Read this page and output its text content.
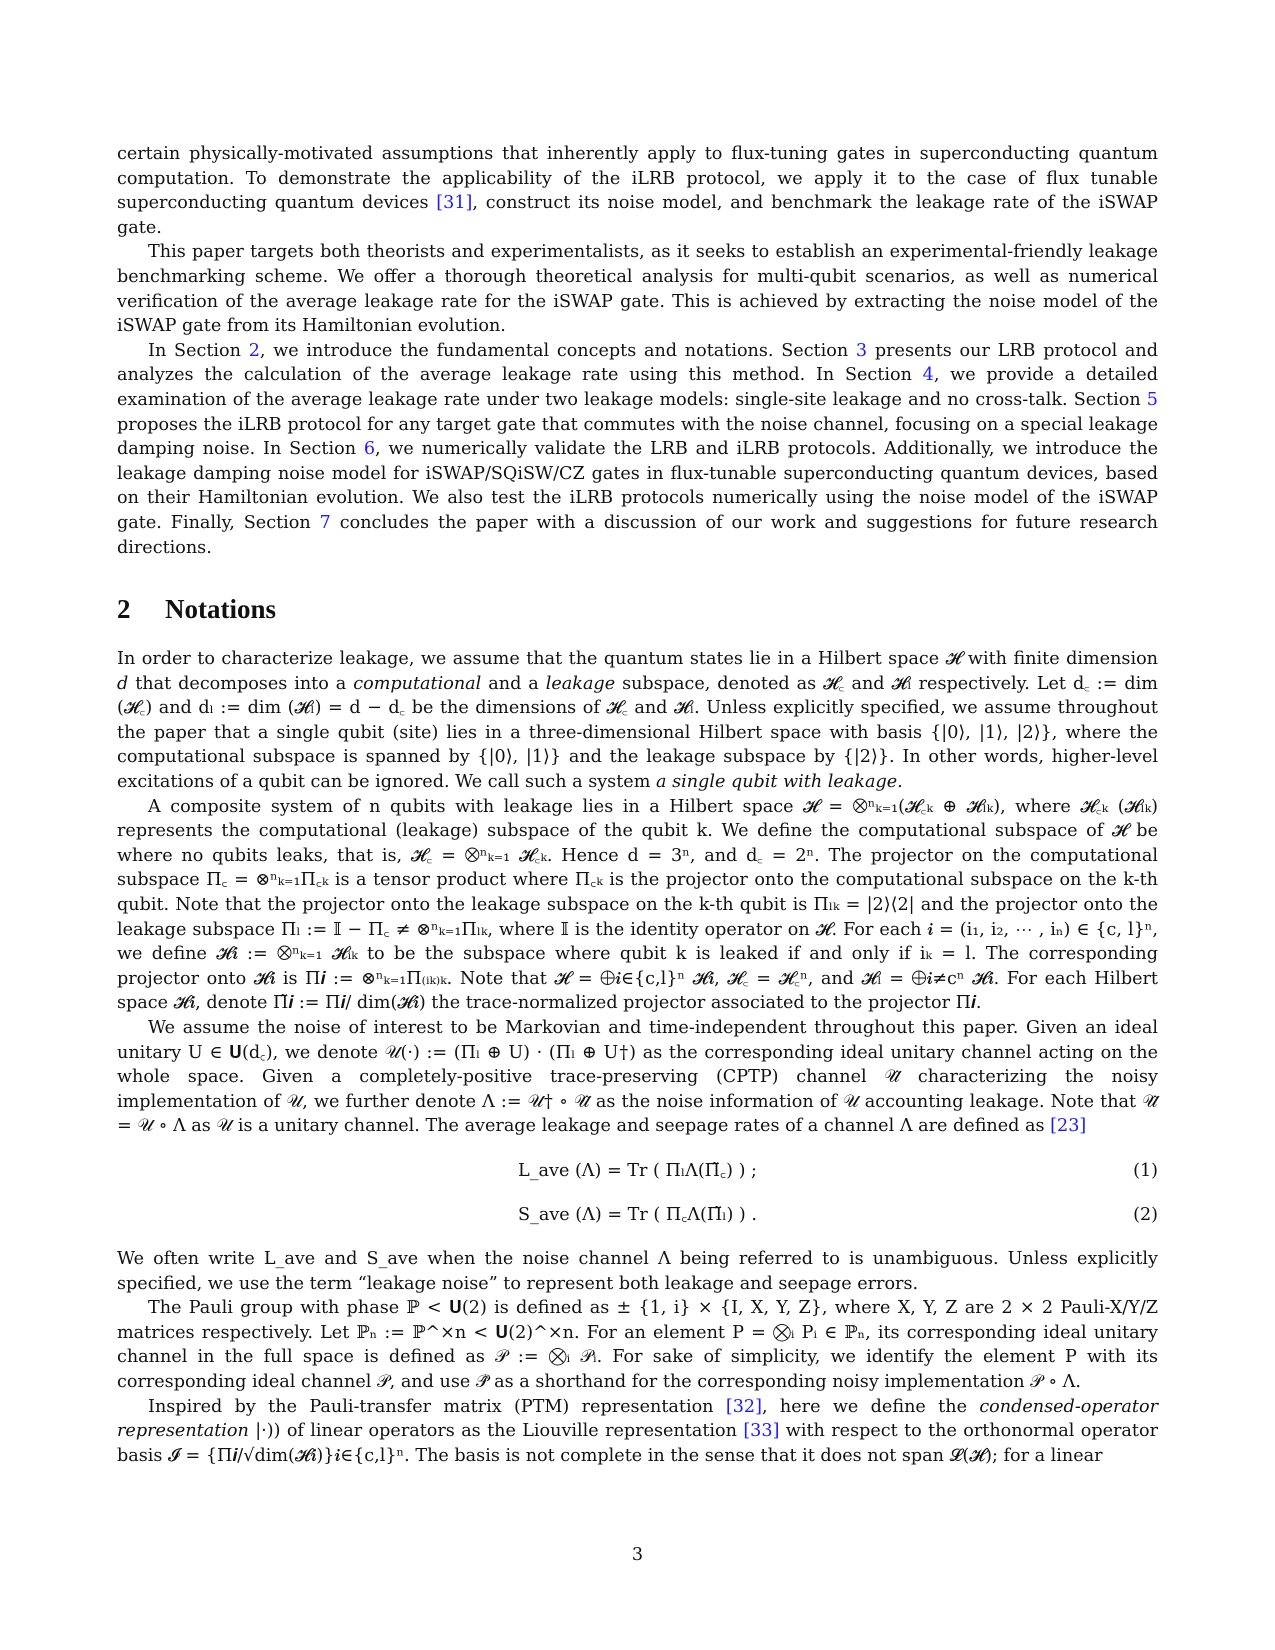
certain physically-motivated assumptions that inherently apply to flux-tuning gates in superconducting quantum computation. To demonstrate the applicability of the iLRB protocol, we apply it to the case of flux tunable superconducting quantum devices [31], construct its noise model, and benchmark the leakage rate of the iSWAP gate.

This paper targets both theorists and experimentalists, as it seeks to establish an experimental-friendly leakage benchmarking scheme. We offer a thorough theoretical analysis for multi-qubit scenarios, as well as numerical verification of the average leakage rate for the iSWAP gate. This is achieved by extracting the noise model of the iSWAP gate from its Hamiltonian evolution.

In Section 2, we introduce the fundamental concepts and notations. Section 3 presents our LRB protocol and analyzes the calculation of the average leakage rate using this method. In Section 4, we provide a detailed examination of the average leakage rate under two leakage models: single-site leakage and no cross-talk. Section 5 proposes the iLRB protocol for any target gate that commutes with the noise channel, focusing on a special leakage damping noise. In Section 6, we numerically validate the LRB and iLRB protocols. Additionally, we introduce the leakage damping noise model for iSWAP/SQiSW/CZ gates in flux-tunable superconducting quantum devices, based on their Hamiltonian evolution. We also test the iLRB protocols numerically using the noise model of the iSWAP gate. Finally, Section 7 concludes the paper with a discussion of our work and suggestions for future research directions.

2 Notations

In order to characterize leakage, we assume that the quantum states lie in a Hilbert space 𝓗 with finite dimension 𝑑 that decomposes into a computational and a leakage subspace, denoted as 𝓗꜀ and 𝓗ₗ respectively. Let d꜀ := dim (𝓗꜀) and dₗ := dim (𝓗ₗ) = d − d꜀ be the dimensions of 𝓗꜀ and 𝓗ₗ. Unless explicitly specified, we assume throughout the paper that a single qubit (site) lies in a three-dimensional Hilbert space with basis {|0⟩, |1⟩, |2⟩}, where the computational subspace is spanned by {|0⟩, |1⟩} and the leakage subspace by {|2⟩}. In other words, higher-level excitations of a qubit can be ignored. We call such a system a single qubit with leakage.

A composite system of n qubits with leakage lies in a Hilbert space 𝓗 = ⨂ⁿₖ₌₁(𝓗꜀ₖ ⊕ 𝓗ₗₖ), where 𝓗꜀ₖ (𝓗ₗₖ) represents the computational (leakage) subspace of the qubit k. We define the computational subspace of 𝓗 be where no qubits leaks, that is, 𝓗꜀ = ⨂ⁿₖ₌₁ 𝓗꜀ₖ. Hence d = 3ⁿ, and d꜀ = 2ⁿ. The projector on the computational subspace Π꜀ = ⊗ⁿₖ₌₁Π꜀ₖ is a tensor product where Π꜀ₖ is the projector onto the computational subspace on the k-th qubit. Note that the projector onto the leakage subspace on the k-th qubit is Πₗₖ = |2⟩⟨2| and the projector onto the leakage subspace Πₗ := 𝕀 − Π꜀ ≠ ⊗ⁿₖ₌₁Πₗₖ, where 𝕀 is the identity operator on 𝓗. For each 𝒊 = (i₁, i₂, ⋯ , iₙ) ∈ {c, l}ⁿ, we define 𝓗𝒊 := ⨂ⁿₖ₌₁ 𝓗ᵢₖ to be the subspace where qubit k is leaked if and only if iₖ = l. The corresponding projector onto 𝓗𝒊 is Π𝒊 := ⊗ⁿₖ₌₁Π₍ᵢₖ₎ₖ. Note that 𝓗 = ⨁𝒊∈{c,l}ⁿ 𝓗𝒊, 𝓗꜀ = 𝓗꜀ⁿ, and 𝓗ₗ = ⨁𝒊≠cⁿ 𝓗𝒊. For each Hilbert space 𝓗𝒊, denote Π̃𝒊 := Π𝒊/ dim(𝓗𝒊) the trace-normalized projector associated to the projector Π𝒊.

We assume the noise of interest to be Markovian and time-independent throughout this paper. Given an ideal unitary U ∈ 𝐔(d꜀), we denote 𝒰(·) := (Πₗ ⊕ U) · (Πₗ ⊕ U†) as the corresponding ideal unitary channel acting on the whole space. Given a completely-positive trace-preserving (CPTP) channel 𝒰̂ characterizing the noisy implementation of 𝒰, we further denote Λ := 𝒰† ∘ 𝒰̂ as the noise information of 𝒰 accounting leakage. Note that 𝒰̂ = 𝒰 ∘ Λ as 𝒰 is a unitary channel. The average leakage and seepage rates of a channel Λ are defined as [23]

L_ave (Λ) = Tr ( ΠₗΛ(Π̃꜀) ) ;	(1)
S_ave (Λ) = Tr ( Π꜀Λ(Π̃ₗ) ) .	(2)

We often write L_ave and S_ave when the noise channel Λ being referred to is unambiguous. Unless explicitly specified, we use the term “leakage noise” to represent both leakage and seepage errors.

The Pauli group with phase ℙ < 𝐔(2) is defined as ± {1, i} × {I, X, Y, Z}, where X, Y, Z are 2 × 2 Pauli-X/Y/Z matrices respectively. Let ℙₙ := ℙ^×n < 𝐔(2)^×n. For an element P = ⨂ᵢ Pᵢ ∈ ℙₙ, its corresponding ideal unitary channel in the full space is defined as 𝒫 := ⨂ᵢ 𝒫ᵢ. For sake of simplicity, we identify the element P with its corresponding ideal channel 𝒫, and use 𝒫̂ as a shorthand for the corresponding noisy implementation 𝒫 ∘ Λ.

Inspired by the Pauli-transfer matrix (PTM) representation [32], here we define the condensed-operator representation |·)) of linear operators as the Liouville representation [33] with respect to the orthonormal operator basis 𝓘 = {Π𝒊/√dim(𝓗𝒊)}𝒊∈{c,l}ⁿ. The basis is not complete in the sense that it does not span 𝓛(𝓗); for a linear

3
